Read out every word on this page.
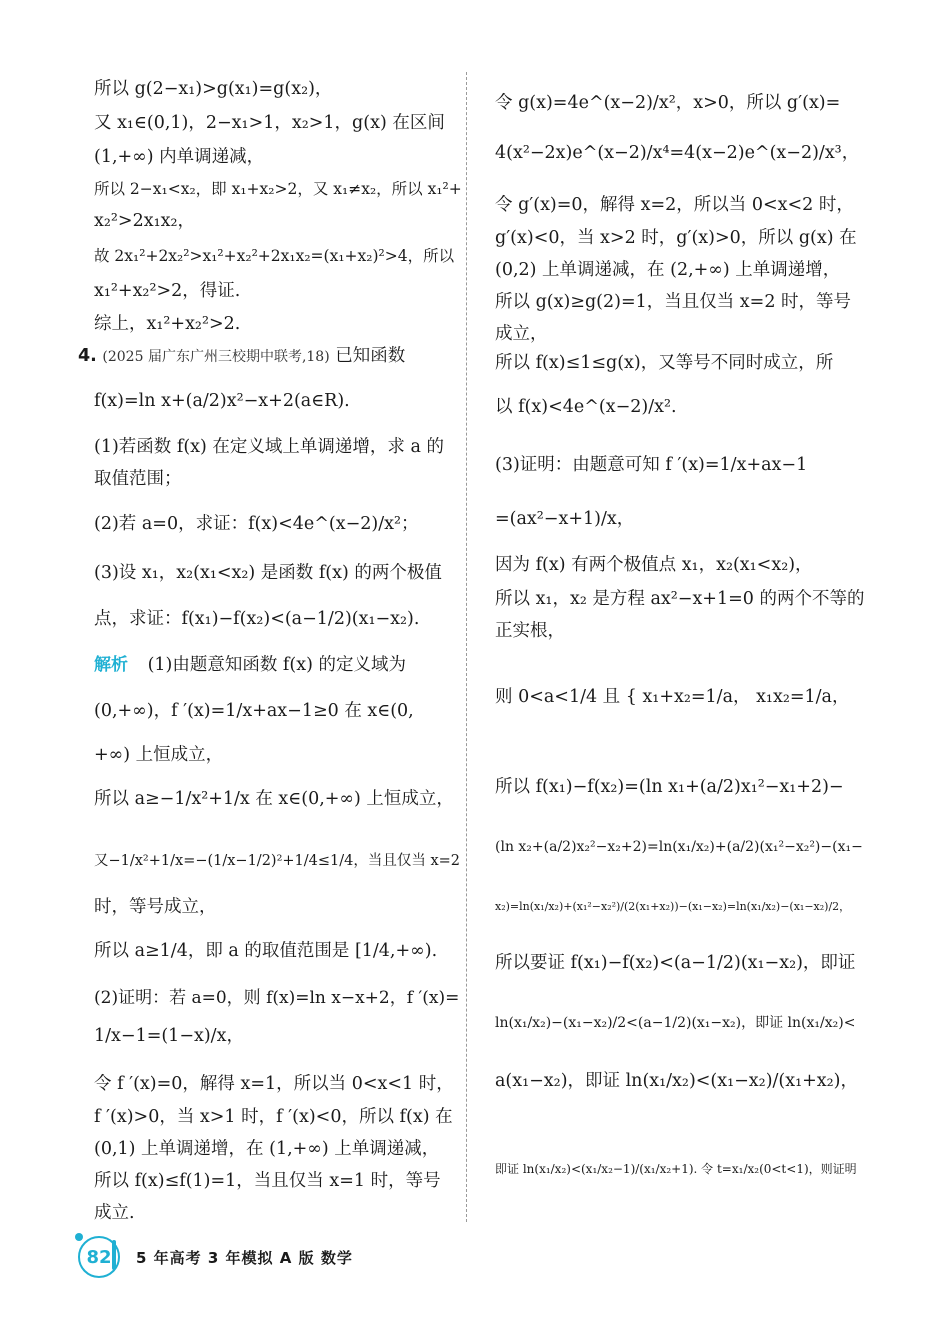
所以 g(2−x₁)>g(x₁)=g(x₂)，
又 x₁∈(0,1)，2−x₁>1，x₂>1，g(x) 在区间
(1,+∞) 内单调递减，
所以 2−x₁<x₂，即 x₁+x₂>2，又 x₁≠x₂，所以 x₁²+
x₂²>2x₁x₂，
故 2x₁²+2x₂²>x₁²+x₂²+2x₁x₂=(x₁+x₂)²>4，所以
x₁²+x₂²>2，得证.
综上，x₁²+x₂²>2.
4. (2025 届广东广州三校期中联考,18) 已知函数
f(x)=ln x+(a/2)x²−x+2(a∈R).
(1)若函数 f(x) 在定义域上单调递增，求 a 的
取值范围；
(2)若 a=0，求证：f(x)<4e^(x−2)/x²；
(3)设 x₁，x₂(x₁<x₂) 是函数 f(x) 的两个极值
点，求证：f(x₁)−f(x₂)<(a−1/2)(x₁−x₂).
解析 (1)由题意知函数 f(x) 的定义域为
(0,+∞)，f ′(x)=1/x+ax−1≥0 在 x∈(0,
+∞) 上恒成立，
所以 a≥−1/x²+1/x 在 x∈(0,+∞) 上恒成立，
又−1/x²+1/x=−(1/x−1/2)²+1/4≤1/4，当且仅当 x=2
时，等号成立，
所以 a≥1/4，即 a 的取值范围是 [1/4,+∞).
(2)证明：若 a=0，则 f(x)=ln x−x+2，f ′(x)=
1/x−1=(1−x)/x，
令 f ′(x)=0，解得 x=1，所以当 0<x<1 时，
f ′(x)>0，当 x>1 时，f ′(x)<0，所以 f(x) 在
(0,1) 上单调递增，在 (1,+∞) 上单调递减，
所以 f(x)≤f(1)=1，当且仅当 x=1 时，等号
成立.
令 g(x)=4e^(x−2)/x²，x>0，所以 g′(x)=
4(x²−2x)e^(x−2)/x⁴=4(x−2)e^(x−2)/x³，
令 g′(x)=0，解得 x=2，所以当 0<x<2 时，
g′(x)<0，当 x>2 时，g′(x)>0，所以 g(x) 在
(0,2) 上单调递减，在 (2,+∞) 上单调递增，
所以 g(x)≥g(2)=1，当且仅当 x=2 时，等号
成立，
所以 f(x)≤1≤g(x)，又等号不同时成立，所
以 f(x)<4e^(x−2)/x².
(3)证明：由题意可知 f ′(x)=1/x+ax−1
=(ax²−x+1)/x，
因为 f(x) 有两个极值点 x₁，x₂(x₁<x₂)，
所以 x₁，x₂ 是方程 ax²−x+1=0 的两个不等的
正实根，
则 0<a<1/4 且 { x₁+x₂=1/a， x₁x₂=1/a，
所以 f(x₁)−f(x₂)=(ln x₁+(a/2)x₁²−x₁+2)−
(ln x₂+(a/2)x₂²−x₂+2)=ln(x₁/x₂)+(a/2)(x₁²−x₂²)−(x₁−
x₂)=ln(x₁/x₂)+(x₁²−x₂²)/(2(x₁+x₂))−(x₁−x₂)=ln(x₁/x₂)−(x₁−x₂)/2，
所以要证 f(x₁)−f(x₂)<(a−1/2)(x₁−x₂)，即证
ln(x₁/x₂)−(x₁−x₂)/2<(a−1/2)(x₁−x₂)，即证 ln(x₁/x₂)<
a(x₁−x₂)，即证 ln(x₁/x₂)<(x₁−x₂)/(x₁+x₂)，
即证 ln(x₁/x₂)<(x₁/x₂−1)/(x₁/x₂+1). 令 t=x₁/x₂(0<t<1)，则证明
82 5 年高考 3 年模拟 A 版 数学
